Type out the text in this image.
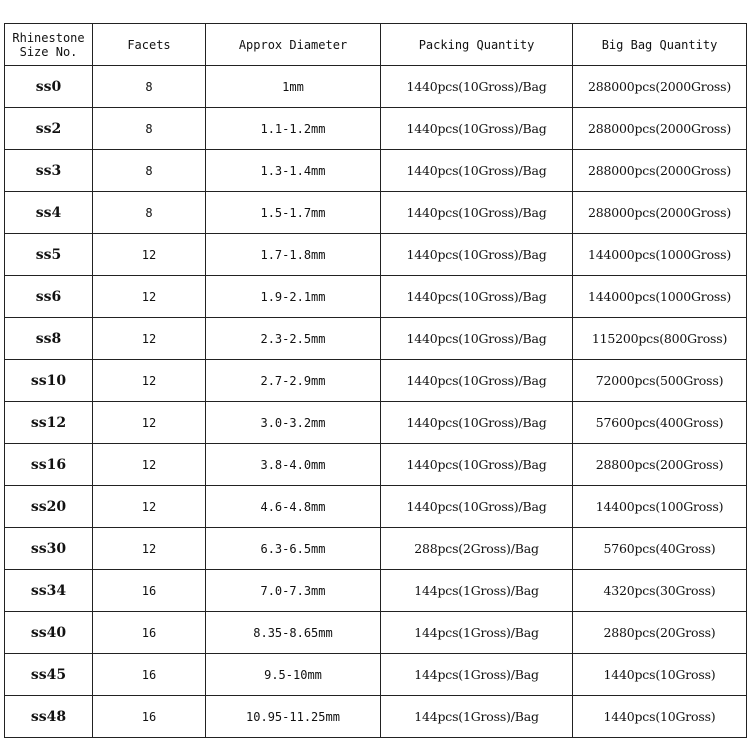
Rhinestone Size No.	Facets	Approx Diameter	Packing Quantity	Big Bag Quantity
ss0	8	1mm	1440pcs(10Gross)/Bag	288000pcs(2000Gross)
ss2	8	1.1-1.2mm	1440pcs(10Gross)/Bag	288000pcs(2000Gross)
ss3	8	1.3-1.4mm	1440pcs(10Gross)/Bag	288000pcs(2000Gross)
ss4	8	1.5-1.7mm	1440pcs(10Gross)/Bag	288000pcs(2000Gross)
ss5	12	1.7-1.8mm	1440pcs(10Gross)/Bag	144000pcs(1000Gross)
ss6	12	1.9-2.1mm	1440pcs(10Gross)/Bag	144000pcs(1000Gross)
ss8	12	2.3-2.5mm	1440pcs(10Gross)/Bag	115200pcs(800Gross)
ss10	12	2.7-2.9mm	1440pcs(10Gross)/Bag	72000pcs(500Gross)
ss12	12	3.0-3.2mm	1440pcs(10Gross)/Bag	57600pcs(400Gross)
ss16	12	3.8-4.0mm	1440pcs(10Gross)/Bag	28800pcs(200Gross)
ss20	12	4.6-4.8mm	1440pcs(10Gross)/Bag	14400pcs(100Gross)
ss30	12	6.3-6.5mm	288pcs(2Gross)/Bag	5760pcs(40Gross)
ss34	16	7.0-7.3mm	144pcs(1Gross)/Bag	4320pcs(30Gross)
ss40	16	8.35-8.65mm	144pcs(1Gross)/Bag	2880pcs(20Gross)
ss45	16	9.5-10mm	144pcs(1Gross)/Bag	1440pcs(10Gross)
ss48	16	10.95-11.25mm	144pcs(1Gross)/Bag	1440pcs(10Gross)
